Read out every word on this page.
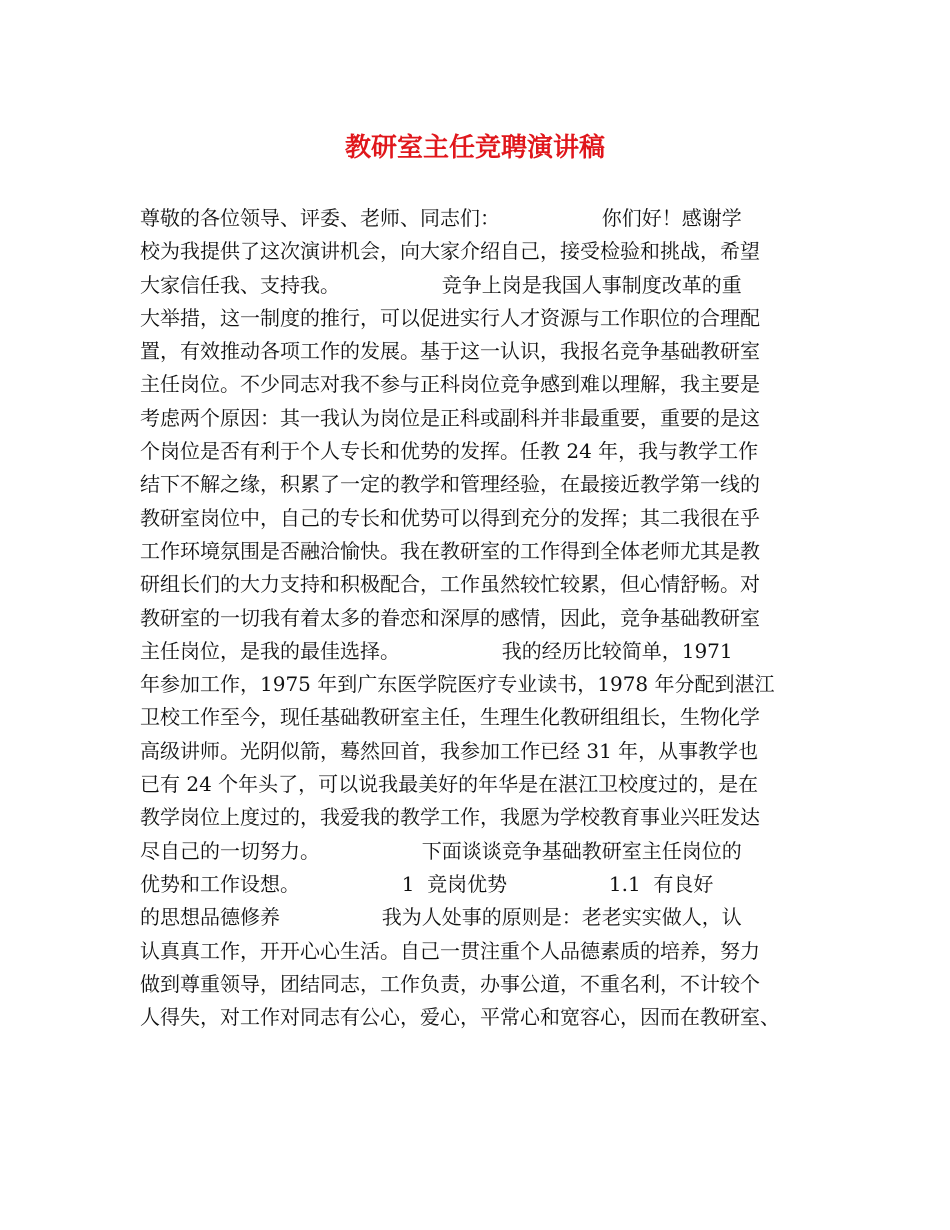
教研室主任竞聘演讲稿
尊敬的各位领导、评委、老师、同志们：                你们好！感谢学
校为我提供了这次演讲机会，向大家介绍自己，接受检验和挑战，希望
大家信任我、支持我。                竞争上岗是我国人事制度改革的重
大举措，这一制度的推行，可以促进实行人才资源与工作职位的合理配
置，有效推动各项工作的发展。基于这一认识，我报名竞争基础教研室
主任岗位。不少同志对我不参与正科岗位竞争感到难以理解，我主要是
考虑两个原因：其一我认为岗位是正科或副科并非最重要，重要的是这
个岗位是否有利于个人专长和优势的发挥。任教 24 年，我与教学工作
结下不解之缘，积累了一定的教学和管理经验，在最接近教学第一线的
教研室岗位中，自己的专长和优势可以得到充分的发挥；其二我很在乎
工作环境氛围是否融洽愉快。我在教研室的工作得到全体老师尤其是教
研组长们的大力支持和积极配合，工作虽然较忙较累，但心情舒畅。对
教研室的一切我有着太多的眷恋和深厚的感情，因此，竞争基础教研室
主任岗位，是我的最佳选择。                我的经历比较简单，1971
年参加工作，1975 年到广东医学院医疗专业读书，1978 年分配到湛江
卫校工作至今，现任基础教研室主任，生理生化教研组组长，生物化学
高级讲师。光阴似箭，蓦然回首，我参加工作已经 31 年，从事教学也
已有 24 个年头了，可以说我最美好的年华是在湛江卫校度过的，是在
教学岗位上度过的，我爱我的教学工作，我愿为学校教育事业兴旺发达
尽自己的一切努力。                下面谈谈竞争基础教研室主任岗位的
优势和工作设想。                1  竞岗优势                1.1  有良好
的思想品德修养                我为人处事的原则是：老老实实做人，认
认真真工作，开开心心生活。自己一贯注重个人品德素质的培养，努力
做到尊重领导，团结同志，工作负责，办事公道，不重名利，不计较个
人得失，对工作对同志有公心，爱心，平常心和宽容心，因而在教研室、
